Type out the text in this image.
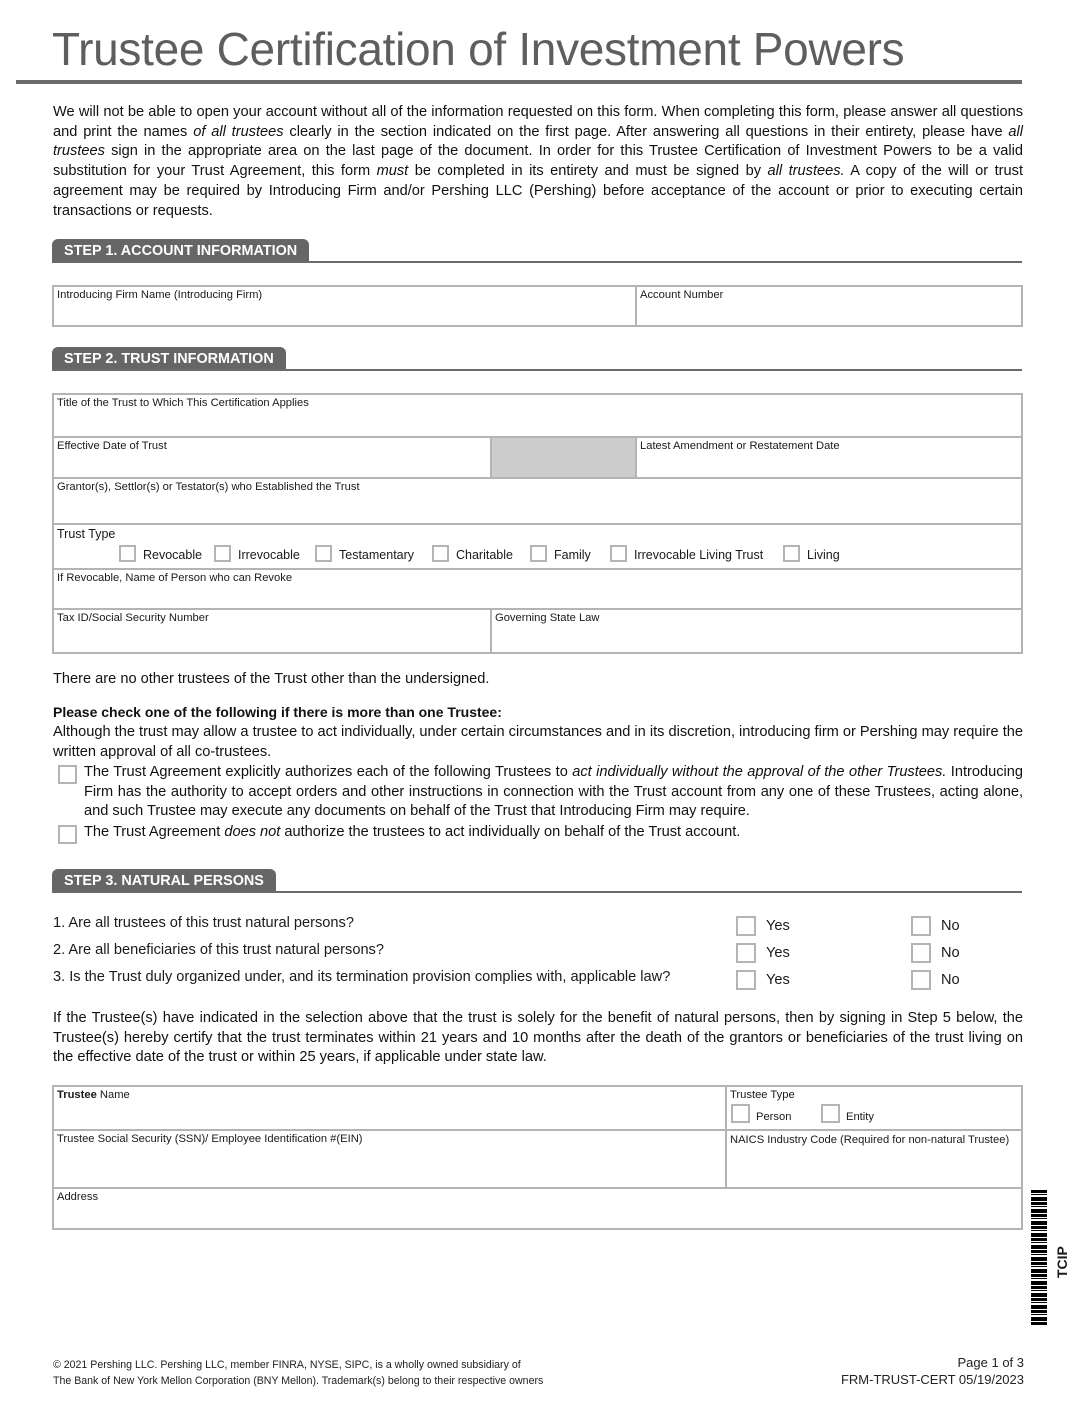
Trustee Certification of Investment Powers
We will not be able to open your account without all of the information requested on this form. When completing this form, please answer all questions and print the names of all trustees clearly in the section indicated on the first page. After answering all questions in their entirety, please have all trustees sign in the appropriate area on the last page of the document. In order for this Trustee Certification of Investment Powers to be a valid substitution for your Trust Agreement, this form must be completed in its entirety and must be signed by all trustees. A copy of the will or trust agreement may be required by Introducing Firm and/or Pershing LLC (Pershing) before acceptance of the account or prior to executing certain transactions or requests.
STEP 1. ACCOUNT INFORMATION
Introducing Firm Name (Introducing Firm)	Account Number
STEP 2. TRUST INFORMATION
Title of the Trust to Which This Certification Applies
Effective Date of Trust	Latest Amendment or Restatement Date
Grantor(s), Settlor(s) or Testator(s) who Established the Trust
Trust Type
Revocable	Irrevocable	Testamentary	Charitable	Family	Irrevocable Living Trust	Living
If Revocable, Name of Person who can Revoke
Tax ID/Social Security Number	Governing State Law
There are no other trustees of the Trust other than the undersigned.
Please check one of the following if there is more than one Trustee:
Although the trust may allow a trustee to act individually, under certain circumstances and in its discretion, introducing firm or Pershing may require the written approval of all co-trustees.
The Trust Agreement explicitly authorizes each of the following Trustees to act individually without the approval of the other Trustees. Introducing Firm has the authority to accept orders and other instructions in connection with the Trust account from any one of these Trustees, acting alone, and such Trustee may execute any documents on behalf of the Trust that Introducing Firm may require.
The Trust Agreement does not authorize the trustees to act individually on behalf of the Trust account.
STEP 3. NATURAL PERSONS
1. Are all trustees of this trust natural persons?	Yes	No
2. Are all beneficiaries of this trust natural persons?	Yes	No
3. Is the Trust duly organized under, and its termination provision complies with, applicable law?	Yes	No
If the Trustee(s) have indicated in the selection above that the trust is solely for the benefit of natural persons, then by signing in Step 5 below, the Trustee(s) hereby certify that the trust terminates within 21 years and 10 months after the death of the grantors or beneficiaries of the trust living on the effective date of the trust or within 25 years, if applicable under state law.
Trustee Name	Trustee Type
Person	Entity
Trustee Social Security (SSN)/ Employee Identification #(EIN)	NAICS Industry Code (Required for non-natural Trustee)
Address
TCIP
© 2021 Pershing LLC. Pershing LLC, member FINRA, NYSE, SIPC, is a wholly owned subsidiary of
The Bank of New York Mellon Corporation (BNY Mellon). Trademark(s) belong to their respective owners
Page 1 of 3
FRM-TRUST-CERT 05/19/2023
